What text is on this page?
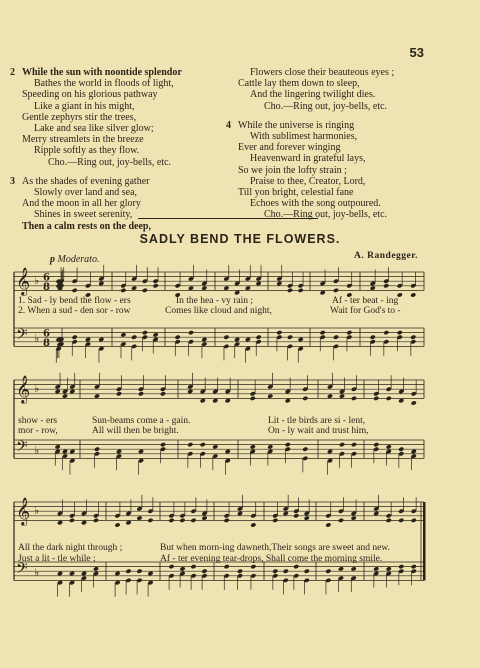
53
2 While the sun with noontide splendor
Bathes the world in floods of light,
Speeding on his glorious pathway
Like a giant in his might,
Gentle zephyrs stir the trees,
Lake and sea like silver glow;
Merry streamlets in the breeze
Ripple softly as they flow.
Cho.—Ring out, joy-bells, etc.
3 As the shades of evening gather
Slowly over land and sea,
And the moon in all her glory
Shines in sweet serenity,
Then a calm rests on the deep,
Flowers close their beauteous eyes ;
Cattle lay them down to sleep,
And the lingering twilight dies.
Cho.—Ring out, joy-bells, etc.
4 While the universe is ringing
With sublimest harmonies,
Ever and forever winging
Heavenward in grateful lays,
So we join the lofty strain ;
Praise to thee, Creator, Lord,
Till yon bright, celestial fane
Echoes with the song outpoured.
Cho.—Ring out, joy-bells, etc.
SADLY BEND THE FLOWERS.
A. Randegger.
p Moderato.
𝄞
𝄢
♭
♭
6
8
6
8
𝄞
𝄢
♭
♭
𝄞
𝄢
♭
♭
1. Sad - ly bend the flow - ers	In the hea - vy rain ;	Af - ter beat - ing
2. When a sud - den sor - row	Comes like cloud and night,	Wait for God's to -
show - ers	Sun-beams come a - gain.	Lit - tle birds are si - lent,
mor - row,	All will then be bright.	On - ly wait and trust him,
All the dark night through ;	But when morn-ing dawneth,Their songs are sweet and new.
Just a lit - tle while ;	Af - ter evening tear-drops, Shall come the morning smile.
